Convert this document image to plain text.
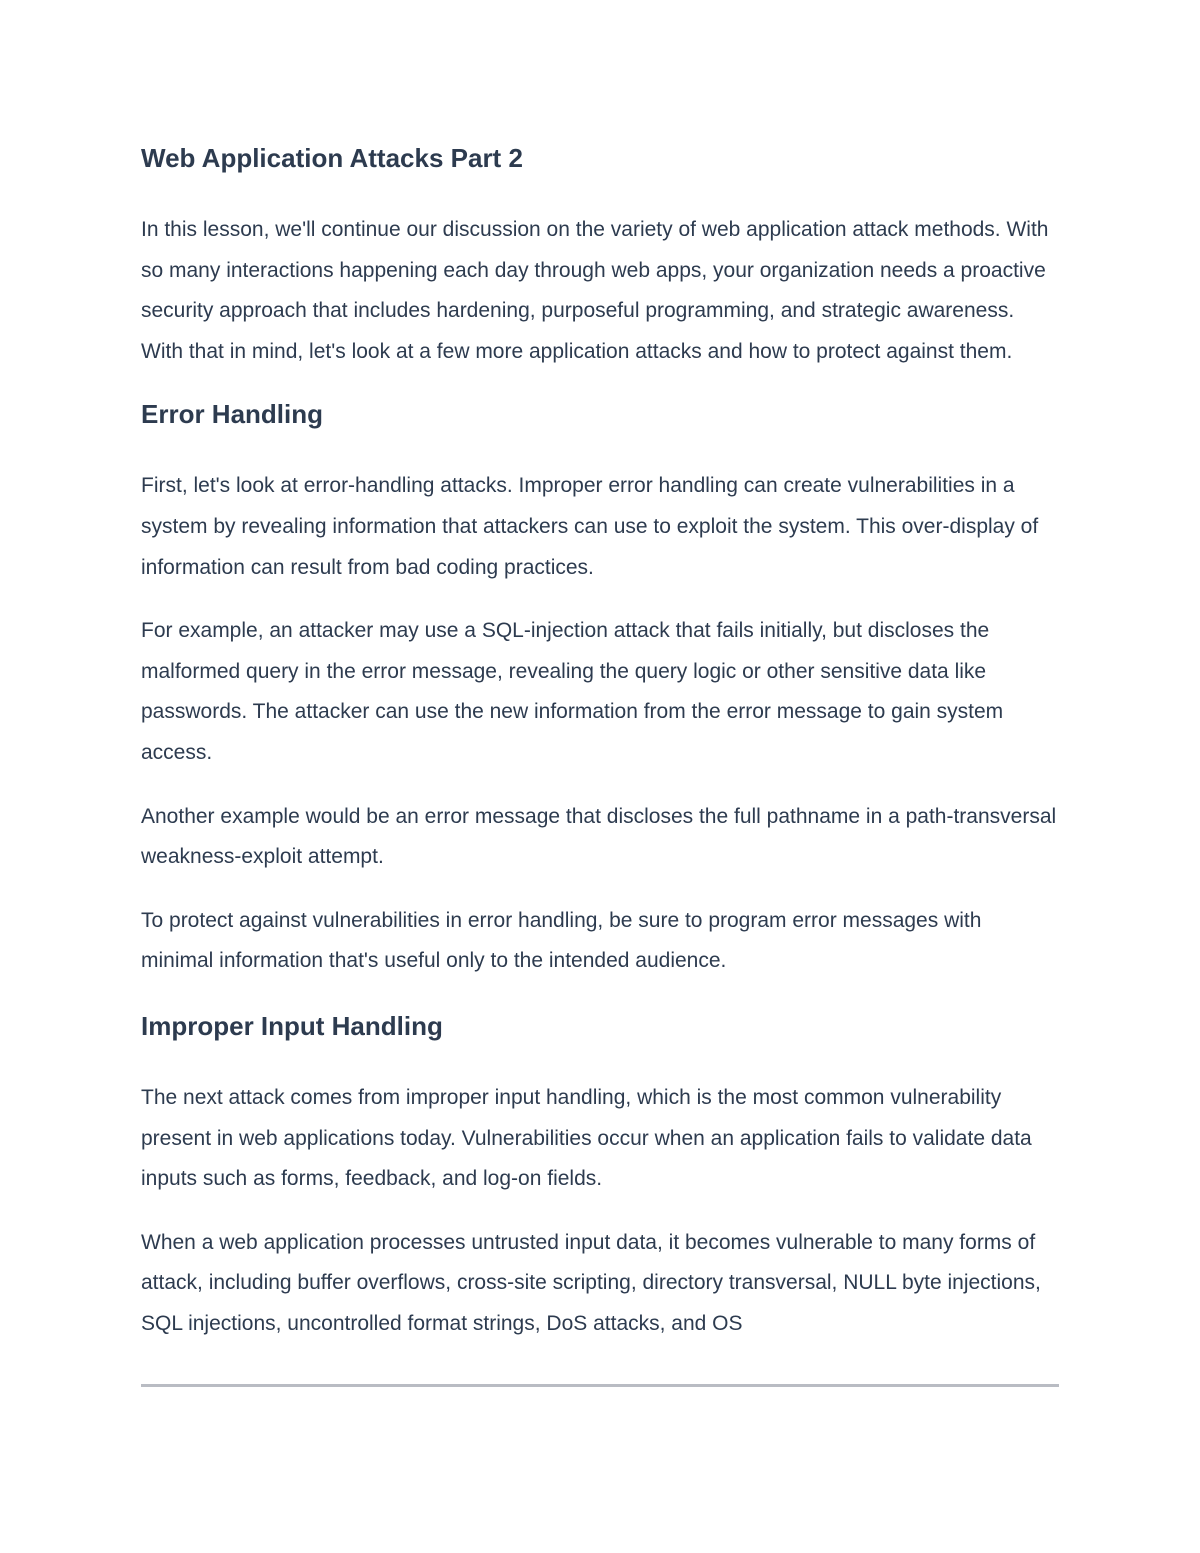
Web Application Attacks Part 2

In this lesson, we'll continue our discussion on the variety of web application attack methods. With so many interactions happening each day through web apps, your organization needs a proactive security approach that includes hardening, purposeful programming, and strategic awareness. With that in mind, let's look at a few more application attacks and how to protect against them.

Error Handling

First, let's look at error-handling attacks. Improper error handling can create vulnerabilities in a system by revealing information that attackers can use to exploit the system. This over-display of information can result from bad coding practices.

For example, an attacker may use a SQL-injection attack that fails initially, but discloses the malformed query in the error message, revealing the query logic or other sensitive data like passwords. The attacker can use the new information from the error message to gain system access.

Another example would be an error message that discloses the full pathname in a path-transversal weakness-exploit attempt.

To protect against vulnerabilities in error handling, be sure to program error messages with minimal information that's useful only to the intended audience.

Improper Input Handling

The next attack comes from improper input handling, which is the most common vulnerability present in web applications today. Vulnerabilities occur when an application fails to validate data inputs such as forms, feedback, and log-on fields.

When a web application processes untrusted input data, it becomes vulnerable to many forms of attack, including buffer overflows, cross-site scripting, directory transversal, NULL byte injections, SQL injections, uncontrolled format strings, DoS attacks, and OS
